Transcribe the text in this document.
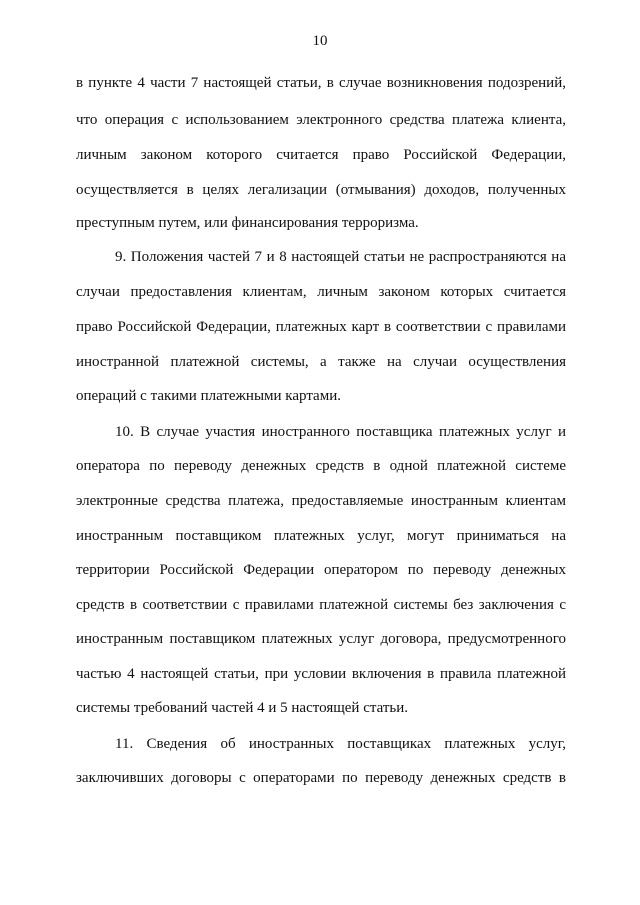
10
в пункте 4 части 7 настоящей статьи, в случае возникновения подозрений,
что операция с использованием электронного средства платежа клиента,
личным законом которого считается право Российской Федерации,
осуществляется в целях легализации (отмывания) доходов, полученных
преступным путем, или финансирования терроризма.
9. Положения частей 7 и 8 настоящей статьи не распространяются на
случаи предоставления клиентам, личным законом которых считается
право Российской Федерации, платежных карт в соответствии с правилами
иностранной платежной системы, а также на случаи осуществления
операций с такими платежными картами.
10. В случае участия иностранного поставщика платежных услуг и
оператора по переводу денежных средств в одной платежной системе
электронные средства платежа, предоставляемые иностранным клиентам
иностранным поставщиком платежных услуг, могут приниматься на
территории Российской Федерации оператором по переводу денежных
средств в соответствии с правилами платежной системы без заключения с
иностранным поставщиком платежных услуг договора, предусмотренного
частью 4 настоящей статьи, при условии включения в правила платежной
системы требований частей 4 и 5 настоящей статьи.
11. Сведения об иностранных поставщиках платежных услуг,
заключивших договоры с операторами по переводу денежных средств в
